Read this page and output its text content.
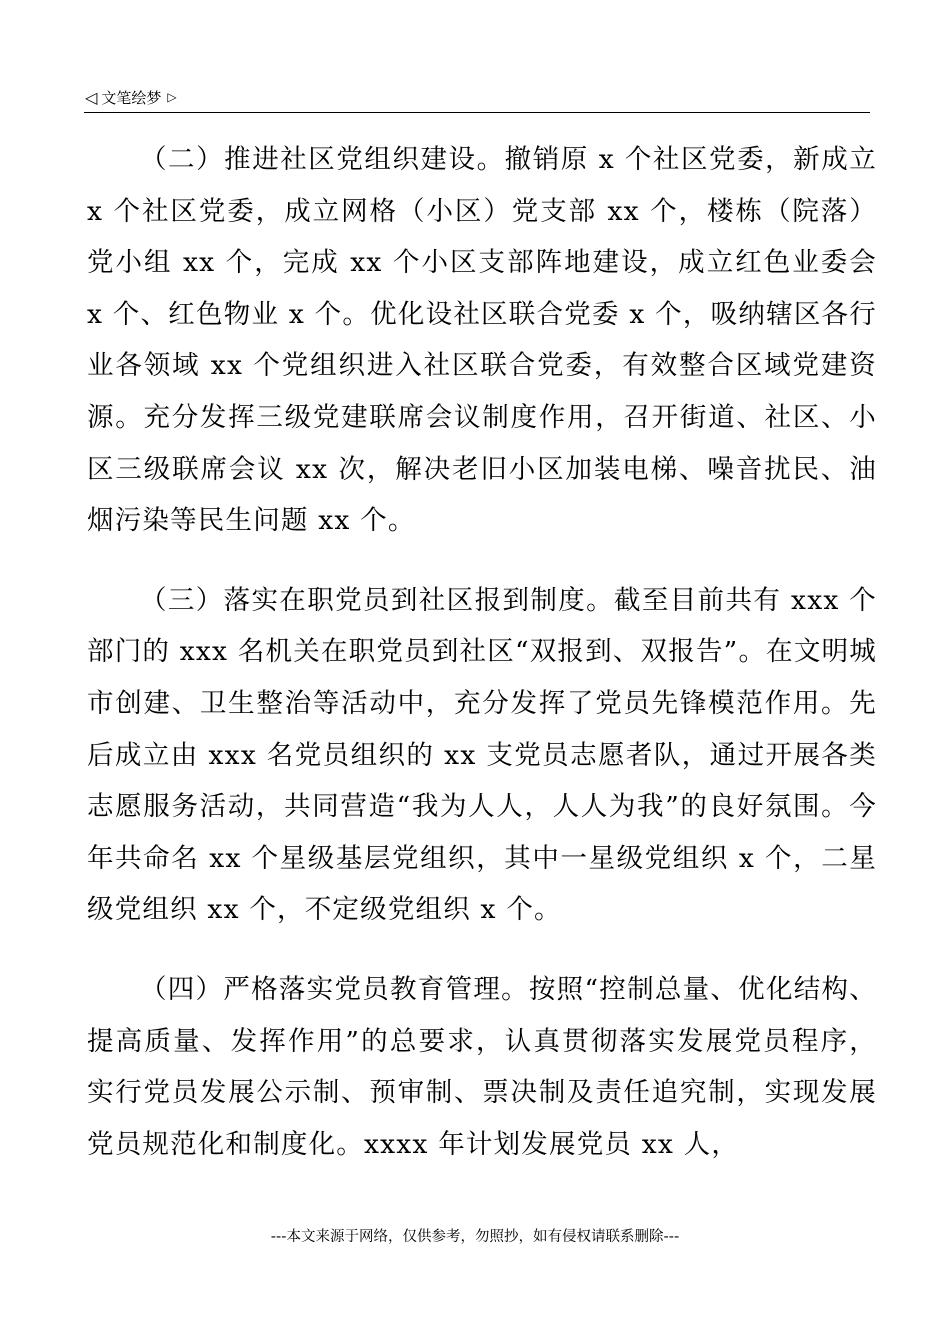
◁ 文笔绘梦 ▷

（二）推进社区党组织建设。撤销原 x 个社区党委，新成立 x 个社区党委，成立网格（小区）党支部 xx 个，楼栋（院落）党小组 xx 个，完成 xx 个小区支部阵地建设，成立红色业委会 x 个、红色物业 x 个。优化设社区联合党委 x 个，吸纳辖区各行业各领域 xx 个党组织进入社区联合党委，有效整合区域党建资源。充分发挥三级党建联席会议制度作用，召开街道、社区、小区三级联席会议 xx 次，解决老旧小区加装电梯、噪音扰民、油烟污染等民生问题 xx 个。

（三）落实在职党员到社区报到制度。截至目前共有 xxx 个部门的 xxx 名机关在职党员到社区“双报到、双报告”。在文明城市创建、卫生整治等活动中，充分发挥了党员先锋模范作用。先后成立由 xxx 名党员组织的 xx 支党员志愿者队，通过开展各类志愿服务活动，共同营造“我为人人，人人为我”的良好氛围。今年共命名 xx 个星级基层党组织，其中一星级党组织 x 个，二星级党组织 xx 个，不定级党组织 x 个。

（四）严格落实党员教育管理。按照“控制总量、优化结构、提高质量、发挥作用”的总要求，认真贯彻落实发展党员程序，实行党员发展公示制、预审制、票决制及责任追究制，实现发展党员规范化和制度化。xxxx 年计划发展党员 xx 人，

---本文来源于网络，仅供参考，勿照抄，如有侵权请联系删除---
